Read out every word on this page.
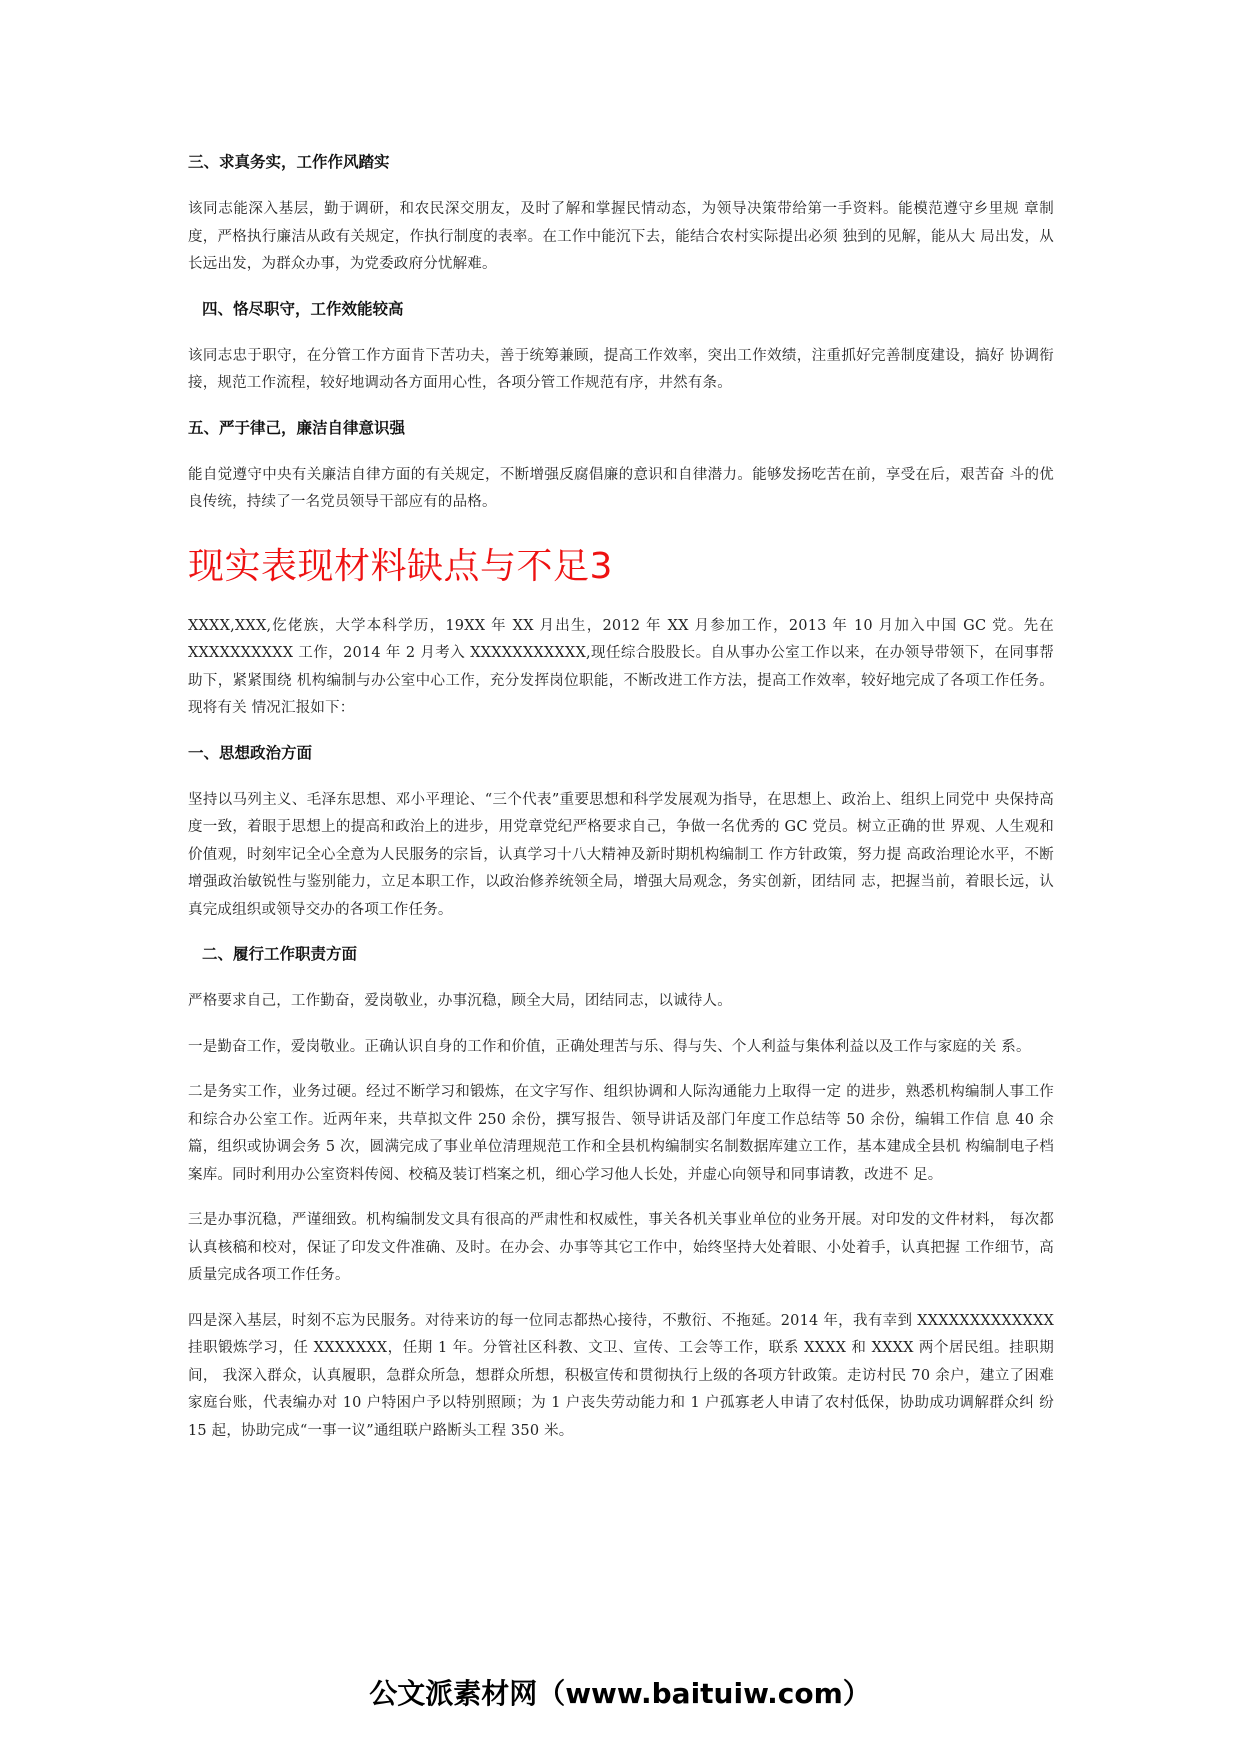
三、求真务实，工作作风踏实
该同志能深入基层，勤于调研，和农民深交朋友，及时了解和掌握民情动态，为领导决策带给第一手资料。能模范遵守乡里规 章制度，严格执行廉洁从政有关规定，作执行制度的表率。在工作中能沉下去，能结合农村实际提出必须 独到的见解，能从大 局出发，从长远出发，为群众办事，为党委政府分忧解难。
四、恪尽职守，工作效能较高
该同志忠于职守，在分管工作方面肯下苦功夫，善于统筹兼顾，提高工作效率，突出工作效绩，注重抓好完善制度建设，搞好 协调衔接，规范工作流程，较好地调动各方面用心性，各项分管工作规范有序，井然有条。
五、严于律己，廉洁自律意识强
能自觉遵守中央有关廉洁自律方面的有关规定，不断增强反腐倡廉的意识和自律潜力。能够发扬吃苦在前，享受在后，艰苦奋 斗的优良传统，持续了一名党员领导干部应有的品格。
现实表现材料缺点与不足3
XXXX,XXX,仡佬族，大学本科学历，19XX 年 XX 月出生，2012 年 XX 月参加工作，2013 年 10 月加入中国 GC 党。先在 XXXXXXXXXX 工作，2014 年 2 月考入 XXXXXXXXXXX,现任综合股股长。自从事办公室工作以来，在办领导带领下，在同事帮助下，紧紧围绕 机构编制与办公室中心工作，充分发挥岗位职能，不断改进工作方法，提高工作效率，较好地完成了各项工作任务。现将有关 情况汇报如下：
一、思想政治方面
坚持以马列主义、毛泽东思想、邓小平理论、“三个代表”重要思想和科学发展观为指导，在思想上、政治上、组织上同党中 央保持高度一致，着眼于思想上的提高和政治上的进步，用党章党纪严格要求自己，争做一名优秀的 GC 党员。树立正确的世 界观、人生观和价值观，时刻牢记全心全意为人民服务的宗旨，认真学习十八大精神及新时期机构编制工 作方针政策，努力提 高政治理论水平，不断增强政治敏锐性与鉴别能力，立足本职工作，以政治修养统领全局，增强大局观念，务实创新，团结同 志，把握当前，着眼长远，认真完成组织或领导交办的各项工作任务。
二、履行工作职责方面
严格要求自己，工作勤奋，爱岗敬业，办事沉稳，顾全大局，团结同志，以诚待人。
一是勤奋工作，爱岗敬业。正确认识自身的工作和价值，正确处理苦与乐、得与失、个人利益与集体利益以及工作与家庭的关 系。
二是务实工作，业务过硬。经过不断学习和锻炼，在文字写作、组织协调和人际沟通能力上取得一定 的进步，熟悉机构编制人事工作和综合办公室工作。近两年来，共草拟文件 250 余份，撰写报告、领导讲话及部门年度工作总结等 50 余份，编辑工作信 息 40 余篇，组织或协调会务 5 次，圆满完成了事业单位清理规范工作和全县机构编制实名制数据库建立工作，基本建成全县机 构编制电子档案库。同时利用办公室资料传阅、校稿及装订档案之机，细心学习他人长处，并虚心向领导和同事请教，改进不 足。
三是办事沉稳，严谨细致。机构编制发文具有很高的严肃性和权威性，事关各机关事业单位的业务开展。对印发的文件材料， 每次都认真核稿和校对，保证了印发文件准确、及时。在办会、办事等其它工作中，始终坚持大处着眼、小处着手，认真把握 工作细节，高质量完成各项工作任务。
四是深入基层，时刻不忘为民服务。对待来访的每一位同志都热心接待，不敷衍、不拖延。2014 年，我有幸到 XXXXXXXXXXXXX 挂职锻炼学习，任 XXXXXXX，任期 1 年。分管社区科教、文卫、宣传、工会等工作，联系 XXXX 和 XXXX 两个居民组。挂职期间， 我深入群众，认真履职，急群众所急，想群众所想，积极宣传和贯彻执行上级的各项方针政策。走访村民 70 余户，建立了困难 家庭台账，代表编办对 10 户特困户予以特别照顾；为 1 户丧失劳动能力和 1 户孤寡老人申请了农村低保，协助成功调解群众纠 纷 15 起，协助完成“一事一议”通组联户路断头工程 350 米。
公文派素材网（www.baituiw.com）
